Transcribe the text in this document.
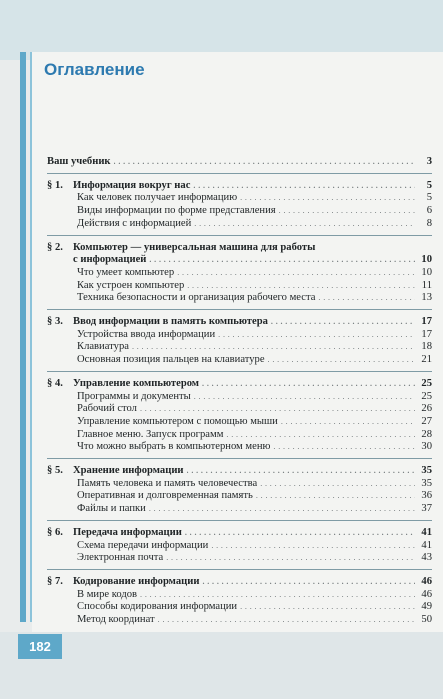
Оглавление
Ваш учебник . . .	3
§ 1. Информация вокруг нас . . .	5
Как человек получает информацию . . .	5
Виды информации по форме представления . . .	6
Действия с информацией . . .	8
§ 2. Компьютер — универсальная машина для работы
с информацией . . .	10
Что умеет компьютер . . .	10
Как устроен компьютер . . .	11
Техника безопасности и организация рабочего места . . .	13
§ 3. Ввод информации в память компьютера . . .	17
Устройства ввода информации . . .	17
Клавиатура . . .	18
Основная позиция пальцев на клавиатуре . . .	21
§ 4. Управление компьютером . . .	25
Программы и документы . . .	25
Рабочий стол . . .	26
Управление компьютером с помощью мыши . . .	27
Главное меню. Запуск программ . . .	28
Что можно выбрать в компьютерном меню . . .	30
§ 5. Хранение информации . . .	35
Память человека и память человечества . . .	35
Оперативная и долговременная память . . .	36
Файлы и папки . . .	37
§ 6. Передача информации . . .	41
Схема передачи информации . . .	41
Электронная почта . . .	43
§ 7. Кодирование информации . . .	46
В мире кодов . . .	46
Способы кодирования информации . . .	49
Метод координат . . .	50
182
